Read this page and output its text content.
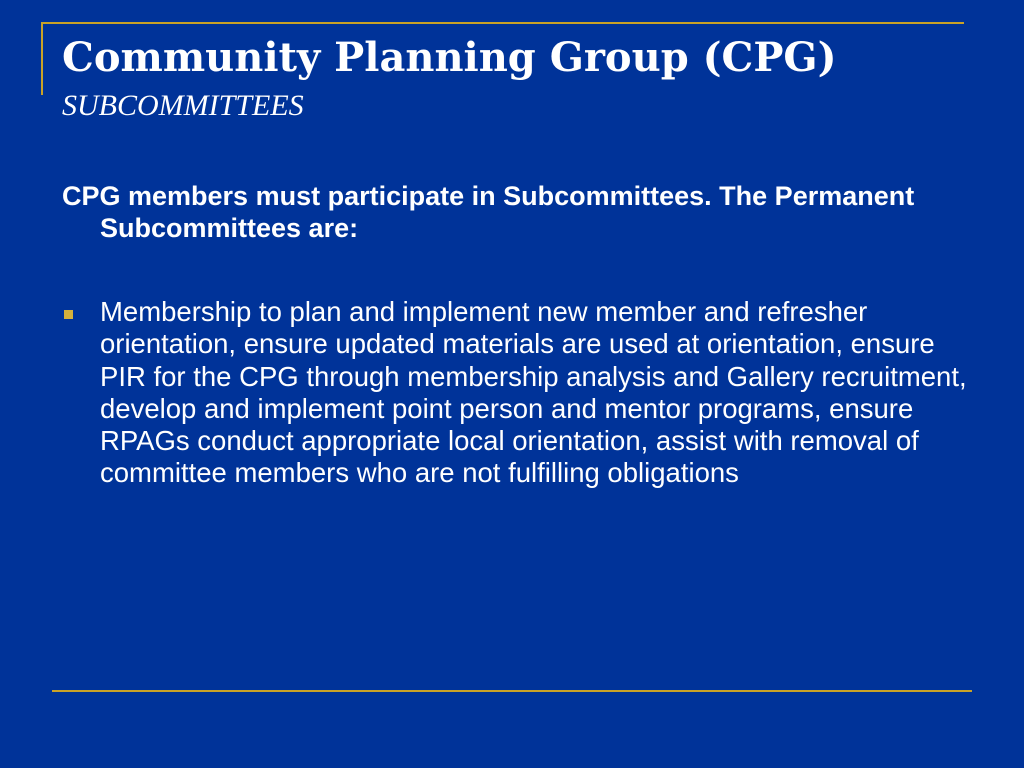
Community Planning Group (CPG)
SUBCOMMITTEES

CPG members must participate in Subcommittees. The Permanent Subcommittees are:

Membership to plan and implement new member and refresher orientation, ensure updated materials are used at orientation, ensure PIR for the CPG through membership analysis and Gallery recruitment, develop and implement point person and mentor programs, ensure RPAGs conduct appropriate local orientation, assist with removal of committee members who are not fulfilling obligations
